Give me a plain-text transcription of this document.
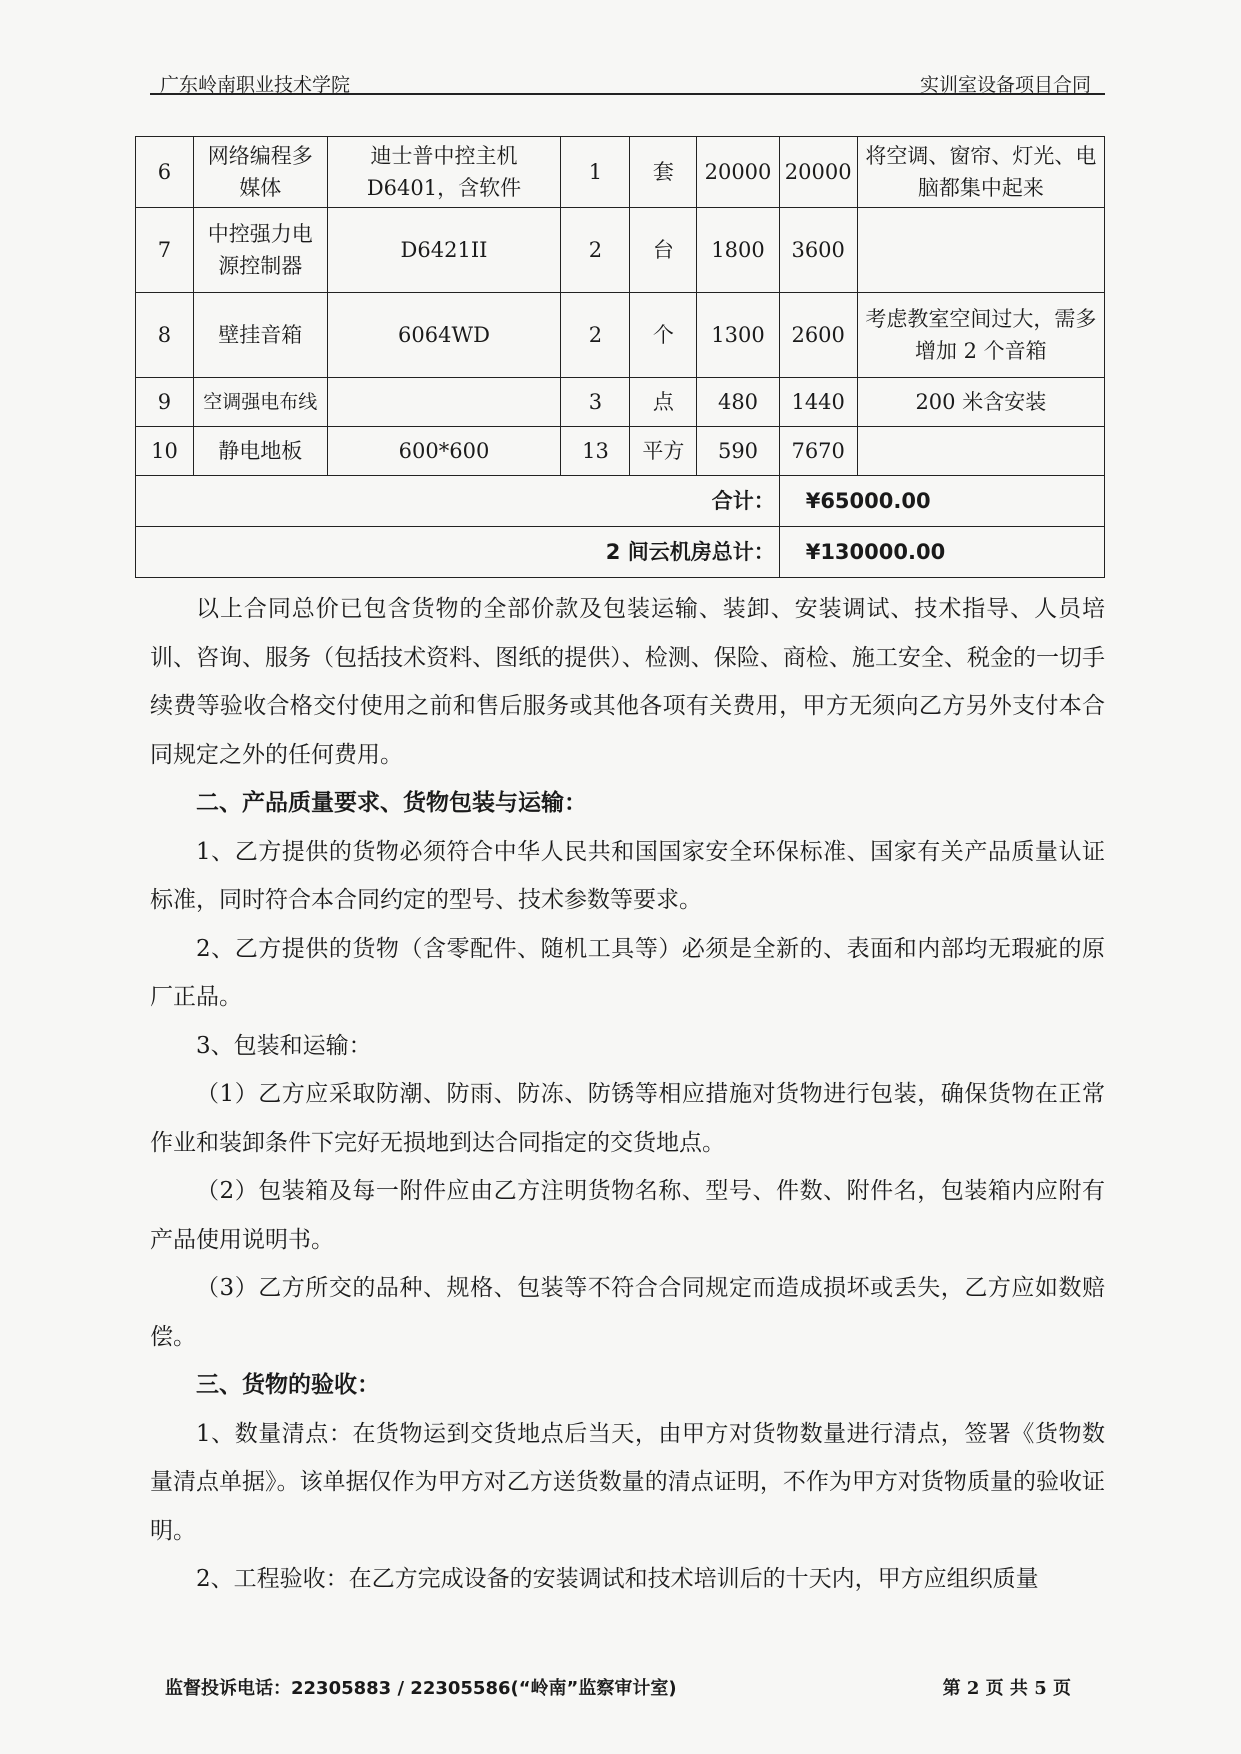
广东岭南职业技术学院	实训室设备项目合同
6	网络编程多媒体	迪士普中控主机 D6401，含软件	1	套	20000	20000	将空调、窗帘、灯光、电脑都集中起来
7	中控强力电源控制器	D6421II	2	台	1800	3600	
8	壁挂音箱	6064WD	2	个	1300	2600	考虑教室空间过大，需多增加 2 个音箱
9	空调强电布线		3	点	480	1440	200 米含安装
10	静电地板	600*600	13	平方	590	7670	
合计：						¥65000.00	
2 间云机房总计：						¥130000.00	

以上合同总价已包含货物的全部价款及包装运输、装卸、安装调试、技术指导、人员培训、咨询、服务（包括技术资料、图纸的提供）、检测、保险、商检、施工安全、税金的一切手续费等验收合格交付使用之前和售后服务或其他各项有关费用，甲方无须向乙方另外支付本合同规定之外的任何费用。

二、产品质量要求、货物包装与运输：

1、乙方提供的货物必须符合中华人民共和国国家安全环保标准、国家有关产品质量认证标准，同时符合本合同约定的型号、技术参数等要求。

2、乙方提供的货物（含零配件、随机工具等）必须是全新的、表面和内部均无瑕疵的原厂正品。

3、包装和运输：

（1）乙方应采取防潮、防雨、防冻、防锈等相应措施对货物进行包装，确保货物在正常作业和装卸条件下完好无损地到达合同指定的交货地点。

（2）包装箱及每一附件应由乙方注明货物名称、型号、件数、附件名，包装箱内应附有产品使用说明书。

（3）乙方所交的品种、规格、包装等不符合合同规定而造成损坏或丢失，乙方应如数赔偿。

三、货物的验收：

1、数量清点：在货物运到交货地点后当天，由甲方对货物数量进行清点，签署《货物数量清点单据》。该单据仅作为甲方对乙方送货数量的清点证明，不作为甲方对货物质量的验收证明。

2、工程验收：在乙方完成设备的安装调试和技术培训后的十天内，甲方应组织质量

监督投诉电话：22305883 / 22305586(“岭南”监察审计室)	第 2 页 共 5 页
